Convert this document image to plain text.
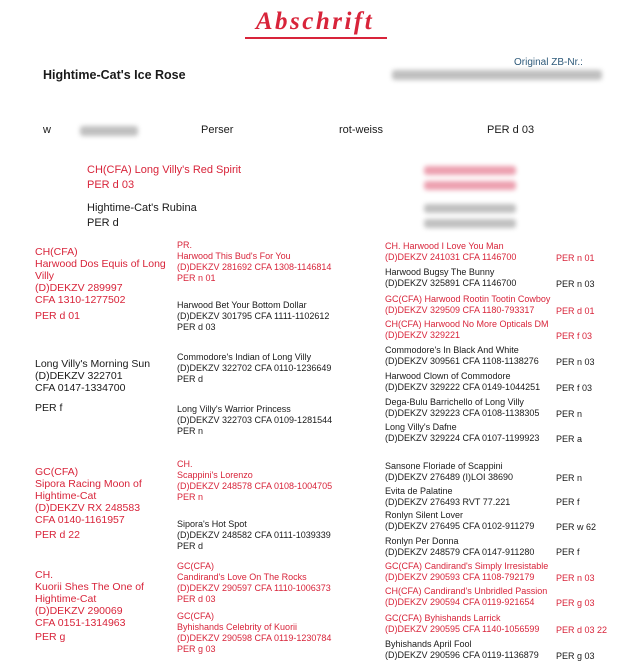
Abschrift
Hightime-Cat's Ice Rose
Original ZB-Nr.:
w	Perser	rot-weiss	PER d 03
CH(CFA) Long Villy's Red Spirit
PER d 03
Hightime-Cat's Rubina
PER d
CH(CFA)
Harwood Dos Equis of Long
Villy
(D)DEKZV 289997
CFA 1310-1277502
PER d 01
Long Villy's Morning Sun
(D)DEKZV 322701
CFA 0147-1334700
PER f
GC(CFA)
Sipora Racing Moon of
Hightime-Cat
(D)DEKZV RX 248583
CFA 0140-1161957
PER d 22
CH.
Kuorii Shes The One of
Hightime-Cat
(D)DEKZV 290069
CFA 0151-1314963
PER g
PR.
Harwood This Bud's For You
(D)DEKZV 281692 CFA 1308-1146814
PER n 01
Harwood Bet Your Bottom Dollar
(D)DEKZV 301795 CFA 1111-1102612
PER d 03
Commodore's Indian of Long Villy
(D)DEKZV 322702 CFA 0110-1236649
PER d
Long Villy's Warrior Princess
(D)DEKZV 322703 CFA 0109-1281544
PER n
CH.
Scappini's Lorenzo
(D)DEKZV 248578 CFA 0108-1004705
PER n
Sipora's Hot Spot
(D)DEKZV 248582 CFA 0111-1039339
PER d
GC(CFA)
Candirand's Love On The Rocks
(D)DEKZV 290597 CFA 1110-1006373
PER d 03
GC(CFA)
Byhishands Celebrity of Kuorii
(D)DEKZV 290598 CFA 0119-1230784
PER g 03
CH. Harwood I Love You Man
(D)DEKZV 241031 CFA 1146700	PER n 01
Harwood Bugsy The Bunny
(D)DEKZV 325891 CFA 1146700	PER n 03
GC(CFA) Harwood Rootin Tootin Cowboy
(D)DEKZV 329509 CFA 1180-793317	PER d 01
CH(CFA) Harwood No More Opticals DM
(D)DEKZV 329221	PER f 03
Commodore's In Black And White
(D)DEKZV 309561 CFA 1108-1138276 PER n 03
Harwood Clown of Commodore
(D)DEKZV 329222 CFA 0149-1044251 PER f 03
Dega-Bulu Barrichello of Long Villy
(D)DEKZV 329223 CFA 0108-1138305 PER n
Long Villy's Dafne
(D)DEKZV 329224 CFA 0107-1199923 PER a
Sansone Floriade of Scappini
(D)DEKZV 276489 (I)LOI 38690	PER n
Evita de Palatine
(D)DEKZV 276493 RVT 77.221	PER f
Ronlyn Silent Lover
(D)DEKZV 276495 CFA 0102-911279 PER w 62
Ronlyn Per Donna
(D)DEKZV 248579 CFA 0147-911280 PER f
GC(CFA) Candirand's Simply Irresistable
(D)DEKZV 290593 CFA 1108-792179	PER n 03
CH(CFA) Candirand's Unbridled Passion
(D)DEKZV 290594 CFA 0119-921654	PER g 03
GC(CFA) Byhishands Larrick
(D)DEKZV 290595 CFA 1140-1056599 PER d 03 22
Byhishands April Fool
(D)DEKZV 290596 CFA 0119-1136879 PER g 03
